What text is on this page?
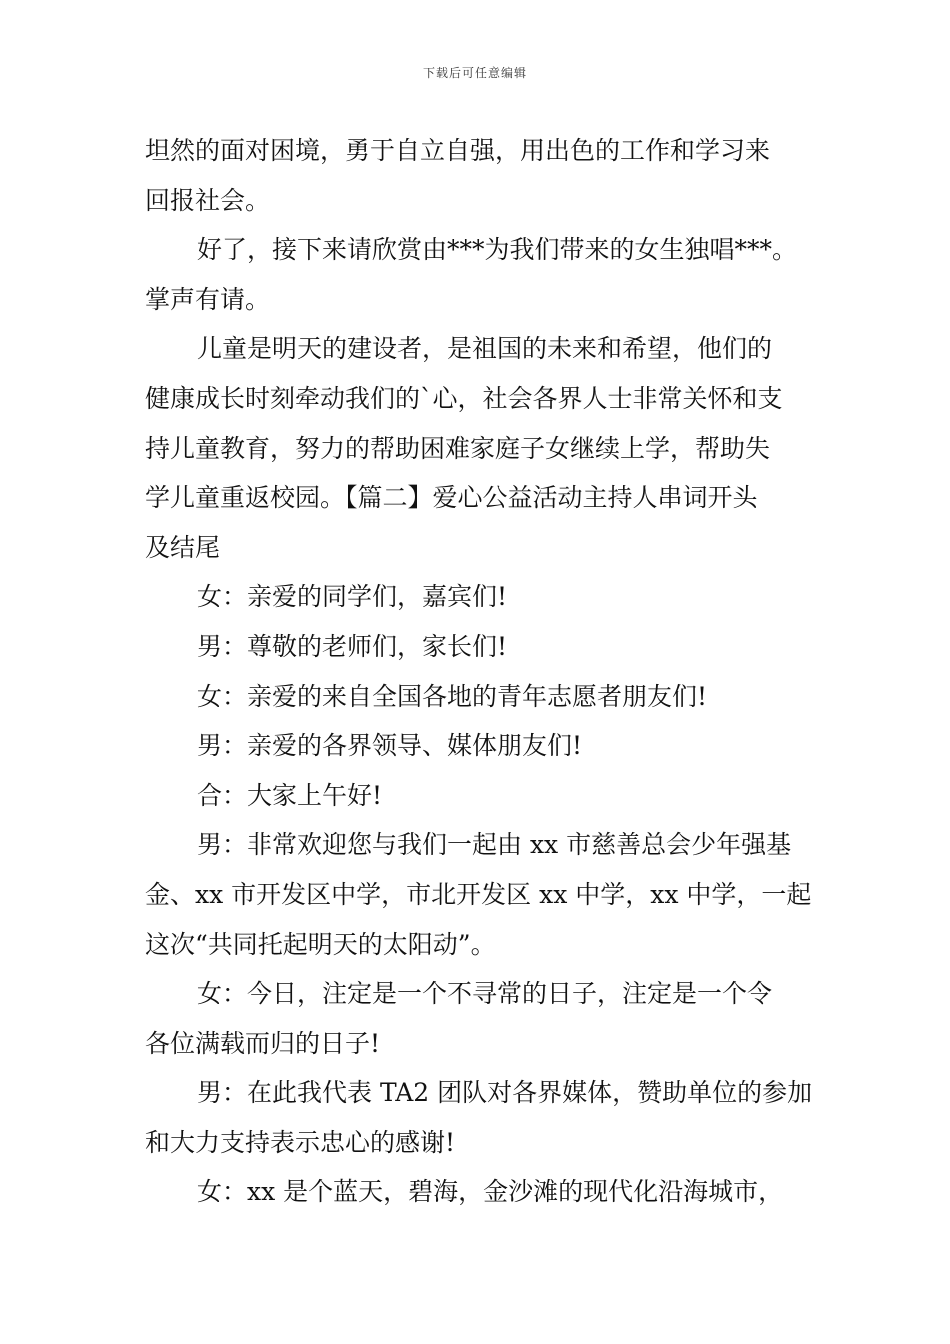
下载后可任意编辑
坦然的面对困境，勇于自立自强，用出色的工作和学习来
回报社会。
好了，接下来请欣赏由***为我们带来的女生独唱***。
掌声有请。
儿童是明天的建设者，是祖国的未来和希望，他们的
健康成长时刻牵动我们的`心，社会各界人士非常关怀和支
持儿童教育，努力的帮助困难家庭子女继续上学，帮助失
学儿童重返校园。【篇二】爱心公益活动主持人串词开头
及结尾
女：亲爱的同学们，嘉宾们!
男：尊敬的老师们，家长们!
女：亲爱的来自全国各地的青年志愿者朋友们!
男：亲爱的各界领导、媒体朋友们!
合：大家上午好!
男：非常欢迎您与我们一起由 xx 市慈善总会少年强基
金、xx 市开发区中学，市北开发区 xx 中学，xx 中学，一起
这次“共同托起明天的太阳动”。
女：今日，注定是一个不寻常的日子，注定是一个令
各位满载而归的日子!
男：在此我代表 TA2 团队对各界媒体，赞助单位的参加
和大力支持表示忠心的感谢!
女：xx 是个蓝天，碧海，金沙滩的现代化沿海城市，
